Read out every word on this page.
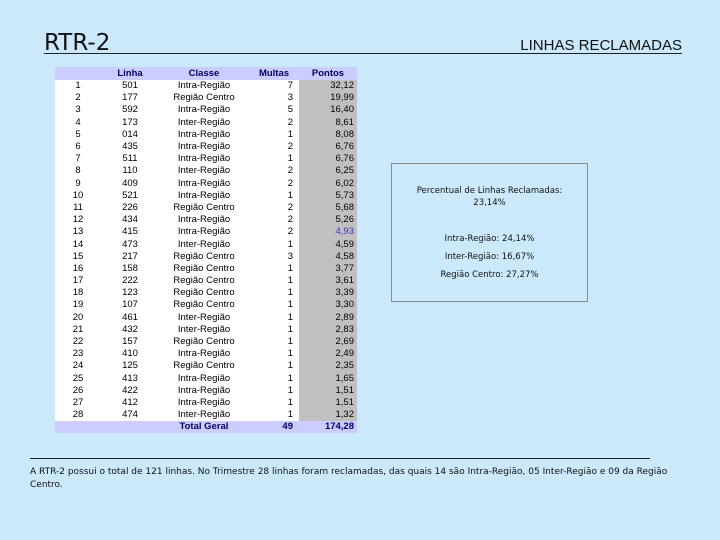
RTR-2	LINHAS RECLAMADAS
	Linha	Classe	Multas	Pontos
1	501	Intra-Região	7	32,12
2	177	Região Centro	3	19,99
3	592	Intra-Região	5	16,40
4	173	Inter-Região	2	8,61
5	014	Intra-Região	1	8,08
6	435	Intra-Região	2	6,76
7	511	Intra-Região	1	6,76
8	110	Inter-Região	2	6,25
9	409	Intra-Região	2	6,02
10	521	Intra-Região	1	5,73
11	226	Região Centro	2	5,68
12	434	Intra-Região	2	5,26
13	415	Intra-Região	2	4,93
14	473	Inter-Região	1	4,59
15	217	Região Centro	3	4,58
16	158	Região Centro	1	3,77
17	222	Região Centro	1	3,61
18	123	Região Centro	1	3,39
19	107	Região Centro	1	3,30
20	461	Inter-Região	1	2,89
21	432	Inter-Região	1	2,83
22	157	Região Centro	1	2,69
23	410	Intra-Região	1	2,49
24	125	Região Centro	1	2,35
25	413	Intra-Região	1	1,65
26	422	Intra-Região	1	1,51
27	412	Intra-Região	1	1,51
28	474	Inter-Região	1	1,32
		Total Geral	49	174,28
Percentual de Linhas Reclamadas:
23,14%
Intra-Região: 24,14%
Inter-Região: 16,67%
Região Centro: 27,27%
A RTR-2 possui o total de 121 linhas. No Trimestre 28 linhas foram reclamadas, das quais 14 são Intra-Região, 05 Inter-Região e 09 da Região Centro.
